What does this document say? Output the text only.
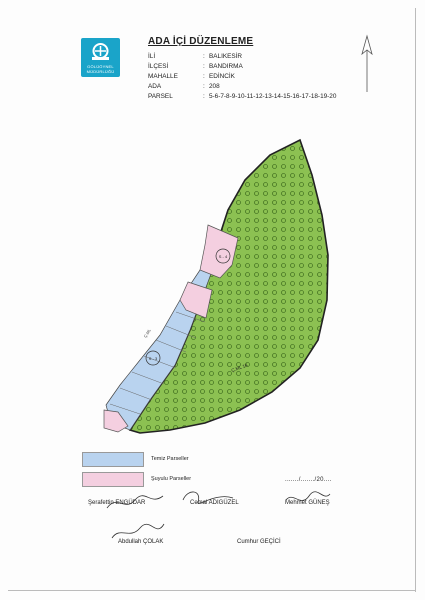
GÖLÜÖYNEL
MÜDÜRLÜĞÜ
ADA İÇİ DÜZENLEME
İLİ	: BALIKESİR
İLÇESİ	: BANDIRMA
MAHALLE	: EDİNCİK
ADA	: 208
PARSEL	: 5-6-7-8-9-10-11-12-13-14-15-16-17-18-19-20
S - 4
S - 3
Ç.ML
Ç.ML 1K
Temiz Parseller
Şuyulu Parseller	......./......./20....
Şerafettin ENGÜDAR	Cemal ADIGÜZEL	Mehmet GÜNEŞ
Abdullah ÇOLAK	Cumhur GEÇİCİ
